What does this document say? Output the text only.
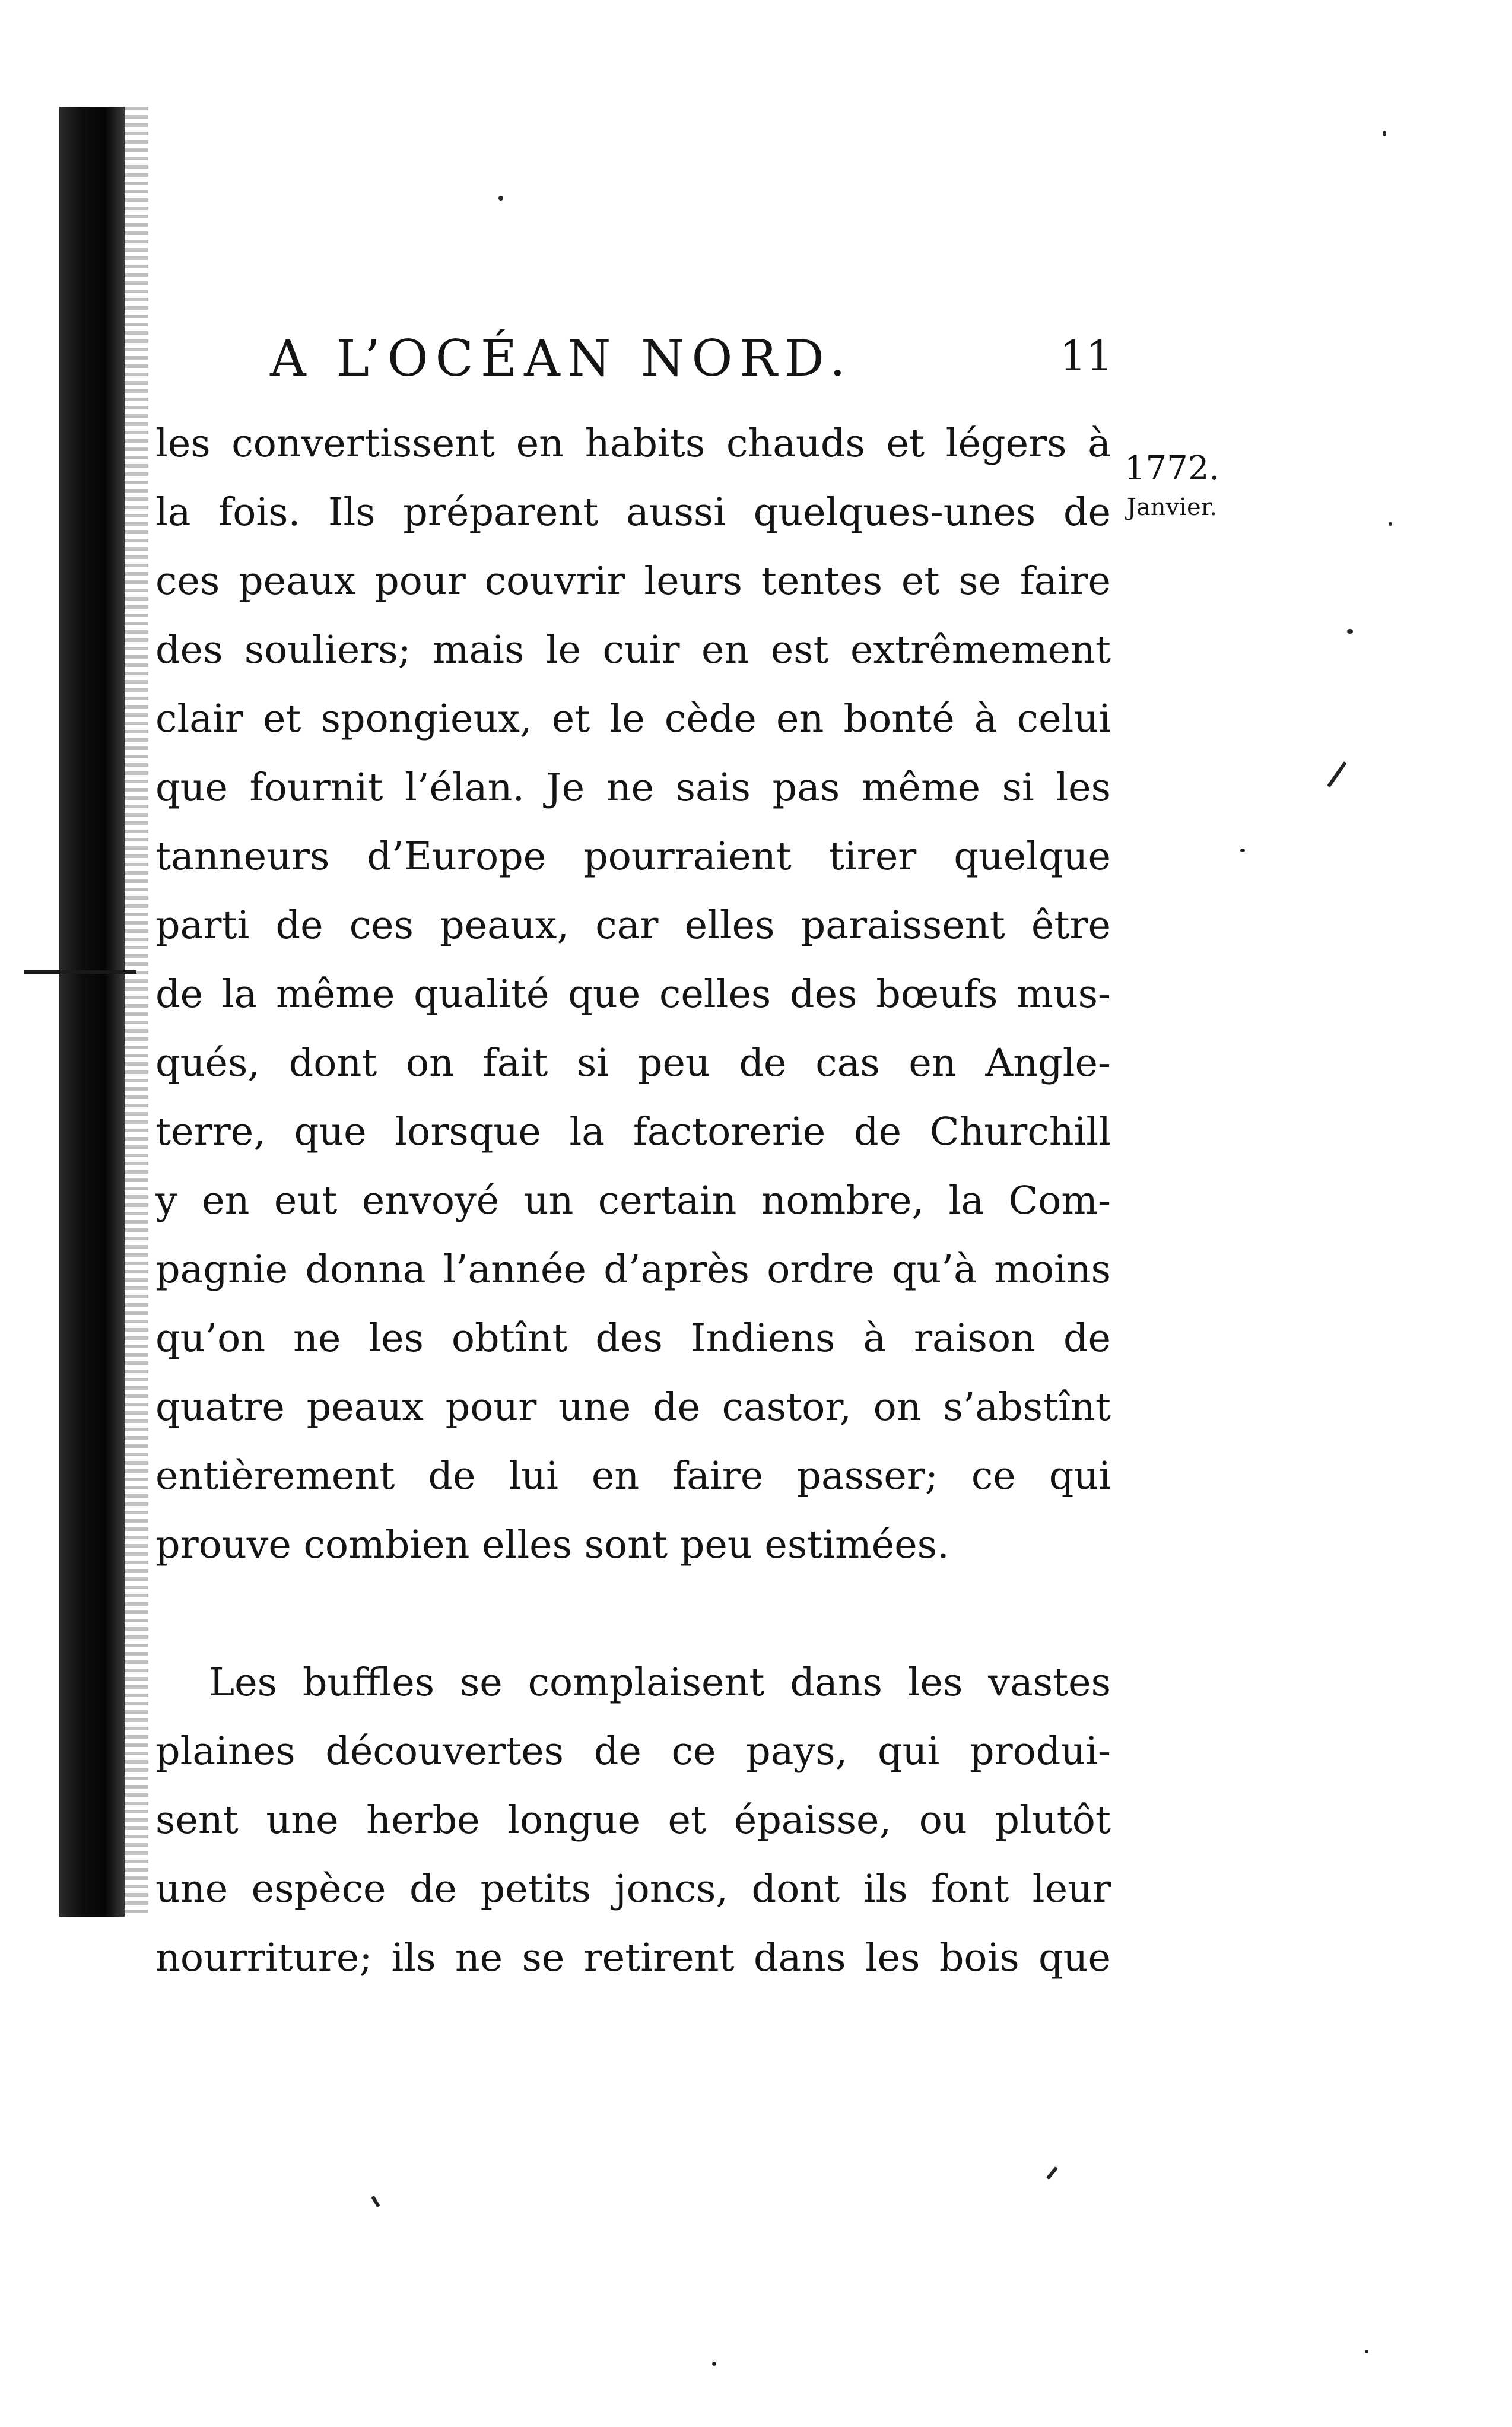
A L’OCÉAN NORD.	11
1772.
Janvier.

les convertissent en habits chauds et légers à
la fois. Ils préparent aussi quelques-unes de
ces peaux pour couvrir leurs tentes et se faire
des souliers; mais le cuir en est extrêmement
clair et spongieux, et le cède en bonté à celui
que fournit l’élan. Je ne sais pas même si les
tanneurs d’Europe pourraient tirer quelque
parti de ces peaux, car elles paraissent être
de la même qualité que celles des bœufs mus-
qués, dont on fait si peu de cas en Angle-
terre, que lorsque la factorerie de Churchill
y en eut envoyé un certain nombre, la Com-
pagnie donna l’année d’après ordre qu’à moins
qu’on ne les obtînt des Indiens à raison de
quatre peaux pour une de castor, on s’abstînt
entièrement de lui en faire passer; ce qui
prouve combien elles sont peu estimées.

Les buffles se complaisent dans les vastes
plaines découvertes de ce pays, qui produi-
sent une herbe longue et épaisse, ou plutôt
une espèce de petits joncs, dont ils font leur
nourriture; ils ne se retirent dans les bois que
